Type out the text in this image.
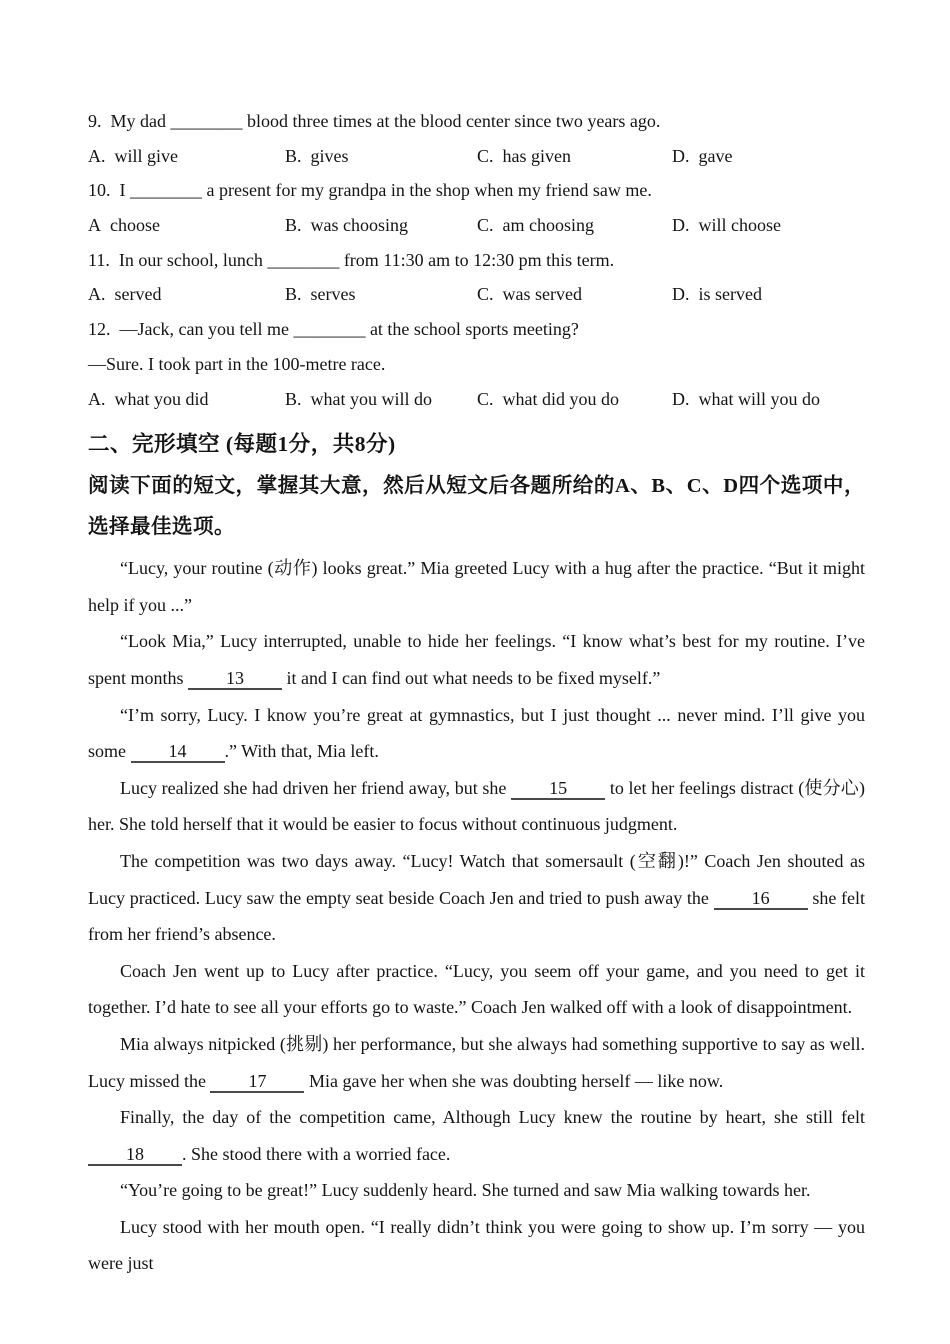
9. My dad ________ blood three times at the blood center since two years ago.
A. will give	B. gives	C. has given	D. gave
10. I ________ a present for my grandpa in the shop when my friend saw me.
A choose	B. was choosing	C. am choosing	D. will choose
11. In our school, lunch ________ from 11:30 am to 12:30 pm this term.
A. served	B. serves	C. was served	D. is served
12. —Jack, can you tell me ________ at the school sports meeting?
—Sure. I took part in the 100-metre race.
A. what you did	B. what you will do	C. what did you do	D. what will you do
二、完形填空 (每题1分，共8分)
阅读下面的短文，掌握其大意，然后从短文后各题所给的A、B、C、D四个选项中，选择最佳选项。

“Lucy, your routine (动作) looks great.” Mia greeted Lucy with a hug after the practice. “But it might help if you ...”

“Look Mia,” Lucy interrupted, unable to hide her feelings. “I know what’s best for my routine. I’ve spent months 13 it and I can find out what needs to be fixed myself.”

“I’m sorry, Lucy. I know you’re great at gymnastics, but I just thought ... never mind. I’ll give you some 14 .” With that, Mia left.

Lucy realized she had driven her friend away, but she 15 to let her feelings distract (使分心) her. She told herself that it would be easier to focus without continuous judgment.

The competition was two days away. “Lucy! Watch that somersault (空翻)!” Coach Jen shouted as Lucy practiced. Lucy saw the empty seat beside Coach Jen and tried to push away the 16 she felt from her friend’s absence.

Coach Jen went up to Lucy after practice. “Lucy, you seem off your game, and you need to get it together. I’d hate to see all your efforts go to waste.” Coach Jen walked off with a look of disappointment.

Mia always nitpicked (挑剔) her performance, but she always had something supportive to say as well. Lucy missed the 17 Mia gave her when she was doubting herself — like now.

Finally, the day of the competition came, Although Lucy knew the routine by heart, she still felt 18 . She stood there with a worried face.

“You’re going to be great!” Lucy suddenly heard. She turned and saw Mia walking towards her.

Lucy stood with her mouth open. “I really didn’t think you were going to show up. I’m sorry — you were just
